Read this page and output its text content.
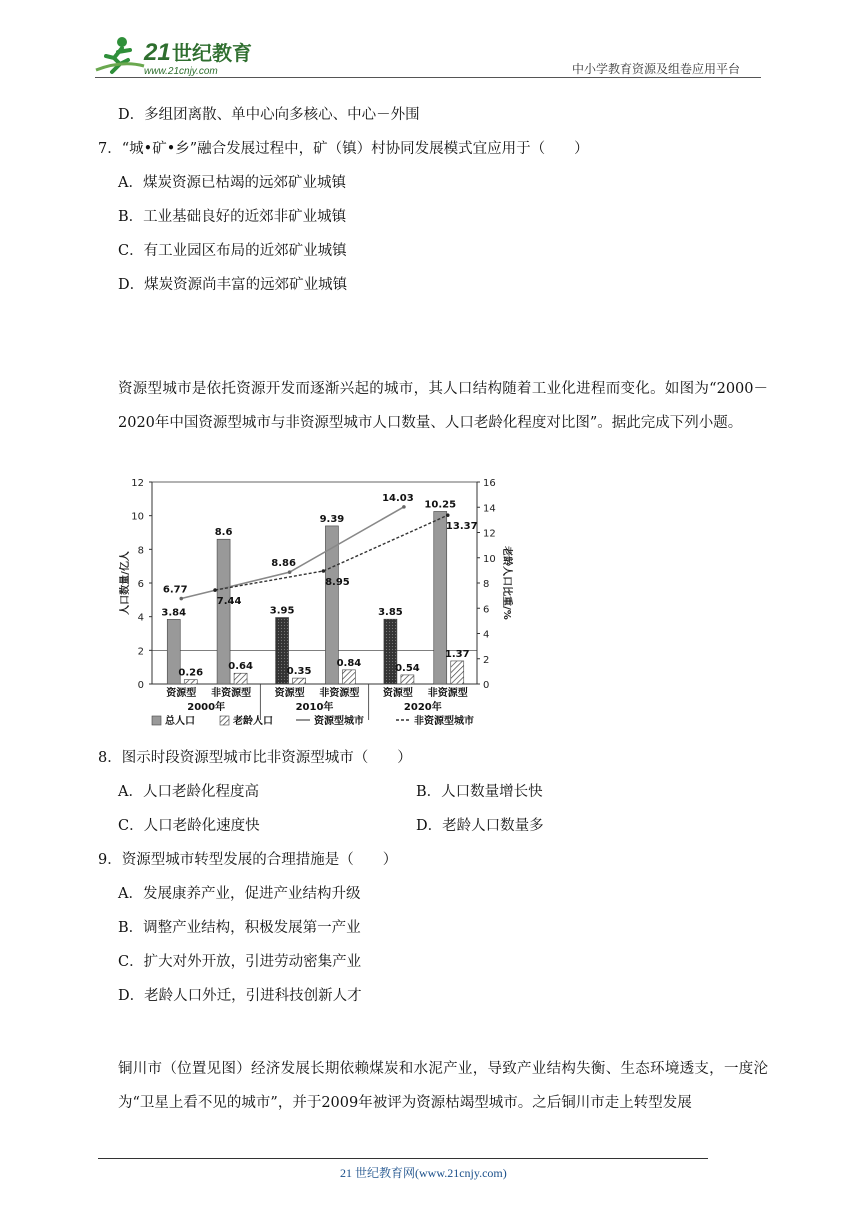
21 世纪教育
www.21cnjy.com	中小学教育资源及组卷应用平台
D．多组团离散、单中心向多核心、中心－外围
7．“城•矿•乡”融合发展过程中，矿（镇）村协同发展模式宜应用于（　　）
A．煤炭资源已枯竭的远郊矿业城镇
B．工业基础良好的近郊非矿业城镇
C．有工业园区布局的近郊矿业城镇
D．煤炭资源尚丰富的远郊矿业城镇
资源型城市是依托资源开发而逐渐兴起的城市，其人口结构随着工业化进程而变化。如图为“2000－2020年中国资源型城市与非资源型城市人口数量、人口老龄化程度对比图”。据此完成下列小题。
0
2
4
6
8
10
12
0
2
4
6
8
10
12
14
16
人口数量/亿人	老龄人口比重/%
3.84
0.26
资源型
8.6
0.64
非资源型
2000年
3.95
0.35
资源型
9.39
0.84
非资源型
2010年
3.85
0.54
资源型
10.25
1.37
非资源型
2020年
6.77
8.86
14.03
7.44
8.95
13.37
总人口	老龄人口	资源型城市	非资源型城市
8．图示时段资源型城市比非资源型城市（　　）
A．人口老龄化程度高	B．人口数量增长快
C．人口老龄化速度快	D．老龄人口数量多
9．资源型城市转型发展的合理措施是（　　）
A．发展康养产业，促进产业结构升级
B．调整产业结构，积极发展第一产业
C．扩大对外开放，引进劳动密集产业
D．老龄人口外迁，引进科技创新人才
铜川市（位置见图）经济发展长期依赖煤炭和水泥产业，导致产业结构失衡、生态环境透支，一度沦为“卫星上看不见的城市”，并于2009年被评为资源枯竭型城市。之后铜川市走上转型发展
21 世纪教育网(www.21cnjy.com)
